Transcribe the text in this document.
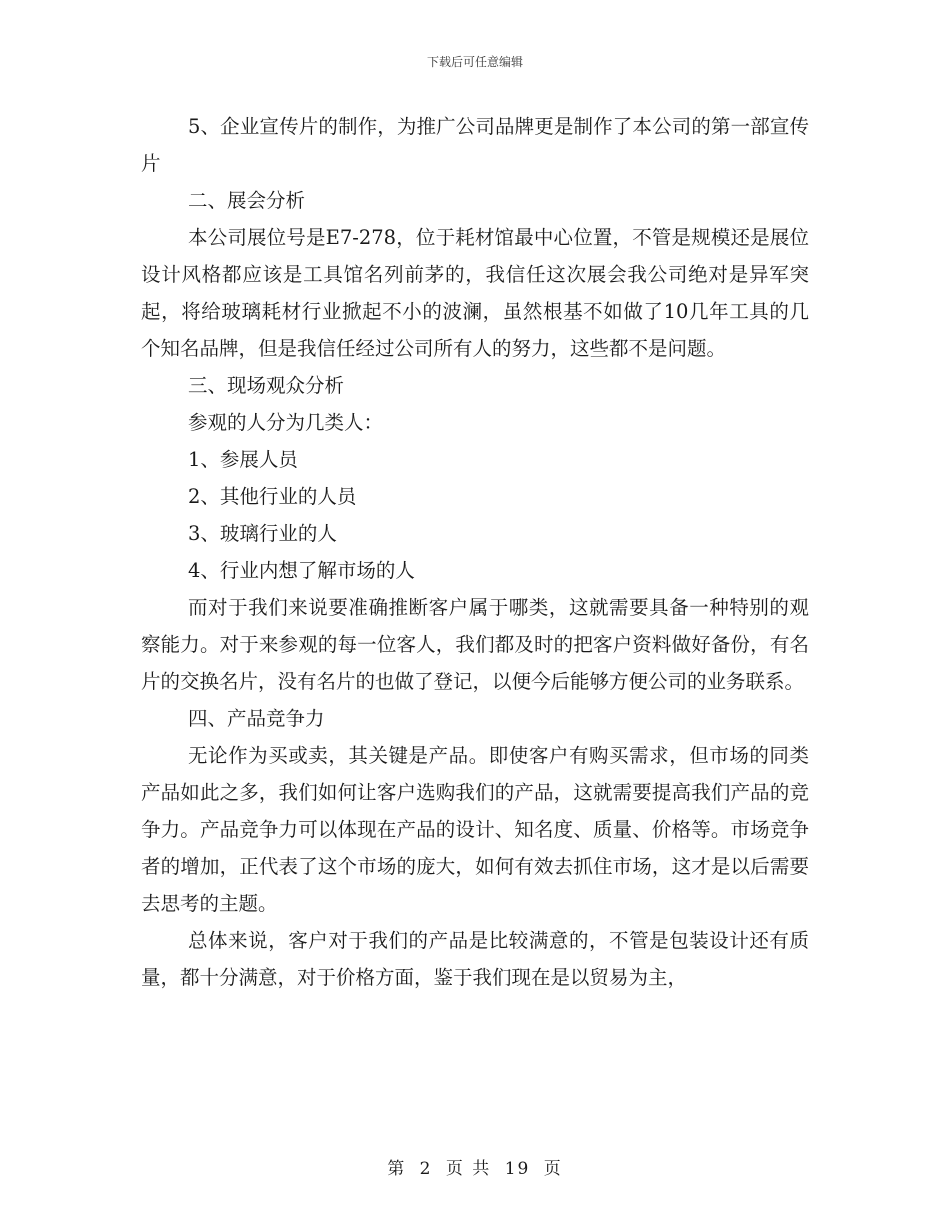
下载后可任意编辑

5、企业宣传片的制作，为推广公司品牌更是制作了本公司的第一部宣传片

二、展会分析

本公司展位号是E7-278，位于耗材馆最中心位置，不管是规模还是展位设计风格都应该是工具馆名列前茅的，我信任这次展会我公司绝对是异军突起，将给玻璃耗材行业掀起不小的波澜，虽然根基不如做了10几年工具的几个知名品牌，但是我信任经过公司所有人的努力，这些都不是问题。

三、现场观众分析

参观的人分为几类人：

1、参展人员

2、其他行业的人员

3、玻璃行业的人

4、行业内想了解市场的人

而对于我们来说要准确推断客户属于哪类，这就需要具备一种特别的观察能力。对于来参观的每一位客人，我们都及时的把客户资料做好备份，有名片的交换名片，没有名片的也做了登记，以便今后能够方便公司的业务联系。

四、产品竞争力

无论作为买或卖，其关键是产品。即使客户有购买需求，但市场的同类产品如此之多，我们如何让客户选购我们的产品，这就需要提高我们产品的竞争力。产品竞争力可以体现在产品的设计、知名度、质量、价格等。市场竞争者的增加，正代表了这个市场的庞大，如何有效去抓住市场，这才是以后需要去思考的主题。

总体来说，客户对于我们的产品是比较满意的，不管是包装设计还有质量，都十分满意，对于价格方面，鉴于我们现在是以贸易为主，

第 2 页 共 19 页
